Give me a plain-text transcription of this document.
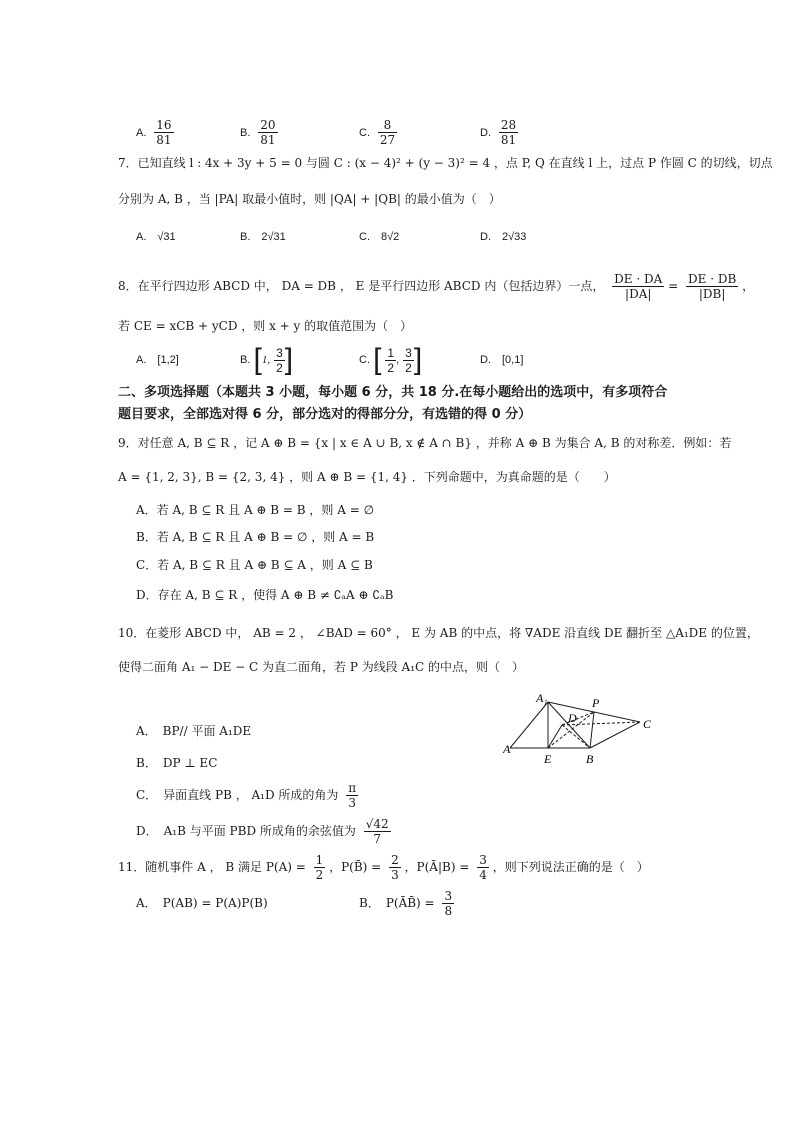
A. $\frac{16}{81}$	B. $\frac{20}{81}$	C. $\frac{8}{27}$	D. $\frac{28}{81}$
7．已知直线 l : 4x + 3y + 5 = 0 与圆 C : (x − 4)² + (y − 3)² = 4 ，点 P, Q 在直线 l 上，过点 P 作圆 C 的切线，切点
分别为 A, B ，当 |PA| 取最小值时，则 |QA| + |QB| 的最小值为（　）
A.　√31	B.　2√31	C.　8√2	D.　2√33
8．在平行四边形 ABCD 中， DA = DB ， E 是平行四边形 ABCD 内（包括边界）一点， $\frac{DE \cdot DA}{|DA|} = \frac{DE \cdot DB}{|DB|}$ ，
若 CE = xCB + yCD ，则 x + y 的取值范围为（　）
A.　[1,2]	B. [1, $\frac{3}{2}$ ]	C. [ $\frac{1}{2}$ , $\frac{3}{2}$ ]	D.　[0,1]
二、多项选择题（本题共 3 小题，每小题 6 分，共 18 分.在每小题给出的选项中，有多项符合
题目要求，全部选对得 6 分，部分选对的得部分分，有选错的得 0 分）
9．对任意 A, B ⊆ R ，记 A ⊕ B = {x | x ∈ A ∪ B, x ∉ A ∩ B} ，并称 A ⊕ B 为集合 A, B 的对称差．例如：若
A = {1, 2, 3}, B = {2, 3, 4} ，则 A ⊕ B = {1, 4} ．下列命题中，为真命题的是（　　）
A．若 A, B ⊆ R 且 A ⊕ B = B ，则 A = ∅
B．若 A, B ⊆ R 且 A ⊕ B = ∅ ，则 A = B
C．若 A, B ⊆ R 且 A ⊕ B ⊆ A ，则 A ⊆ B
D．存在 A, B ⊆ R ，使得 A ⊕ B ≠ ∁ₐA ⊕ ∁ₐB
10．在菱形 ABCD 中， AB = 2 ， ∠BAD = 60° ， E 为 AB 的中点，将 ∇ADE 沿直线 DE 翻折至 △A₁DE 的位置，
使得二面角 A₁ − DE − C 为直二面角，若 P 为线段 A₁C 的中点，则（　）
A．　BP// 平面 A₁DE
B．　DP ⊥ EC
C．　异面直线 PB ， A₁D 所成的角为 $\frac{\pi}{3}$
D．　A₁B 与平面 PBD 所成角的余弦值为 $\frac{√42}{7}$
A₁	P
D	C
A
E	B
11．随机事件 A ， B 满足 $P(A) = \frac{1}{2}$ ，P(B̄) = $\frac{2}{3}$ ，P(Ā|B) = $\frac{3}{4}$ ，则下列说法正确的是（　）
A．　P(AB) = P(A)P(B)	B．　P(ĀB̄) = $\frac{3}{8}$
